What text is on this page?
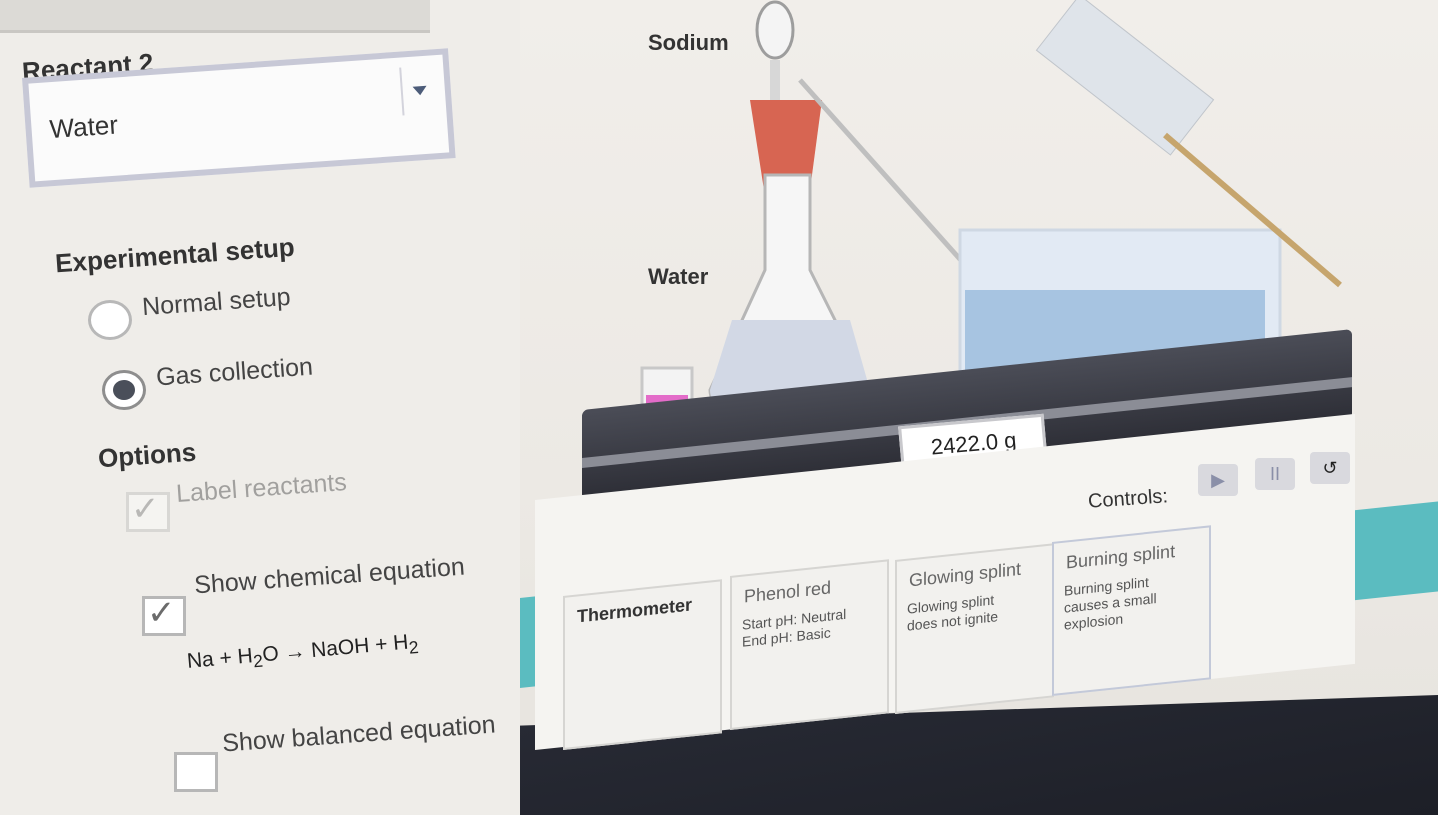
Reactant 2
Water
Experimental setup
Normal setup
Gas collection
Options
✓
Label reactants
✓
Show chemical equation
$Na + H_2O$ → NaOH + $H_2$
Show balanced equation
Sodium
Water
2422.0 g
Controls:
▶	II	↺
Thermometer
Phenol red
Start pH: Neutral
End pH: Basic
Glowing splint
Glowing splint
does not ignite
Burning splint
Burning splint
causes a small
explosion
